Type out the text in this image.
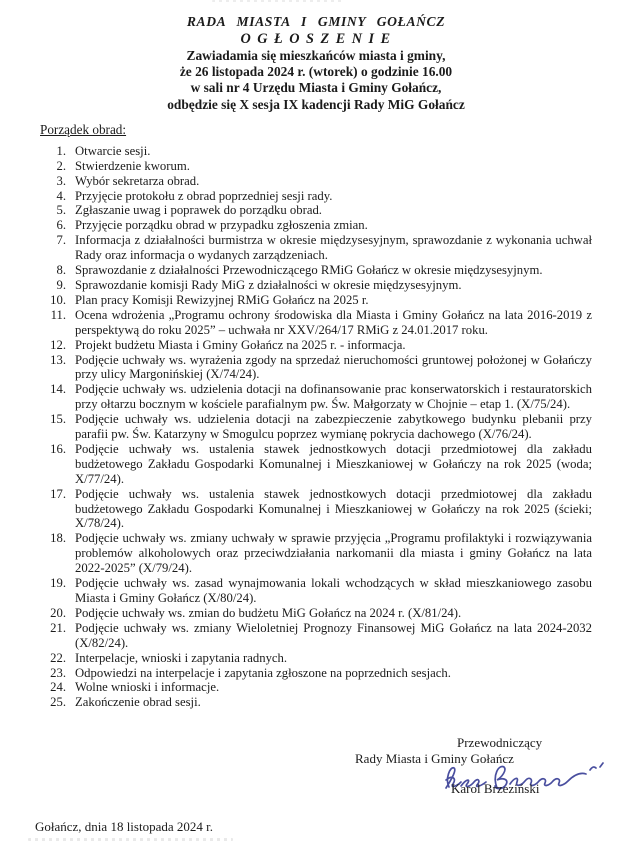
RADA MIASTA I GMINY GOŁAŃCZ
O G Ł O S Z E N I E
Zawiadamia się mieszkańców miasta i gminy,
że 26 listopada 2024 r. (wtorek) o godzinie 16.00
w sali nr 4 Urzędu Miasta i Gminy Gołańcz,
odbędzie się X sesja IX kadencji Rady MiG Gołańcz
Porządek obrad:
1. Otwarcie sesji.
2. Stwierdzenie kworum.
3. Wybór sekretarza obrad.
4. Przyjęcie protokołu z obrad poprzedniej sesji rady.
5. Zgłaszanie uwag i poprawek do porządku obrad.
6. Przyjęcie porządku obrad w przypadku zgłoszenia zmian.
7. Informacja z działalności burmistrza w okresie międzysesyjnym, sprawozdanie z wykonania uchwał Rady oraz informacja o wydanych zarządzeniach.
8. Sprawozdanie z działalności Przewodniczącego RMiG Gołańcz w okresie międzysesyjnym.
9. Sprawozdanie komisji Rady MiG z działalności w okresie międzysesyjnym.
10. Plan pracy Komisji Rewizyjnej RMiG Gołańcz na 2025 r.
11. Ocena wdrożenia „Programu ochrony środowiska dla Miasta i Gminy Gołańcz na lata 2016-2019 z perspektywą do roku 2025” – uchwała nr XXV/264/17 RMiG z 24.01.2017 roku.
12. Projekt budżetu Miasta i Gminy Gołańcz na 2025 r. - informacja.
13. Podjęcie uchwały ws. wyrażenia zgody na sprzedaż nieruchomości gruntowej położonej w Gołańczy przy ulicy Margonińskiej (X/74/24).
14. Podjęcie uchwały ws. udzielenia dotacji na dofinansowanie prac konserwatorskich i restauratorskich przy ołtarzu bocznym w kościele parafialnym pw. Św. Małgorzaty w Chojnie – etap 1. (X/75/24).
15. Podjęcie uchwały ws. udzielenia dotacji na zabezpieczenie zabytkowego budynku plebanii przy parafii pw. Św. Katarzyny w Smogulcu poprzez wymianę pokrycia dachowego (X/76/24).
16. Podjęcie uchwały ws. ustalenia stawek jednostkowych dotacji przedmiotowej dla zakładu budżetowego Zakładu Gospodarki Komunalnej i Mieszkaniowej w Gołańczy na rok 2025 (woda; X/77/24).
17. Podjęcie uchwały ws. ustalenia stawek jednostkowych dotacji przedmiotowej dla zakładu budżetowego Zakładu Gospodarki Komunalnej i Mieszkaniowej w Gołańczy na rok 2025 (ścieki; X/78/24).
18. Podjęcie uchwały ws. zmiany uchwały w sprawie przyjęcia „Programu profilaktyki i rozwiązywania problemów alkoholowych oraz przeciwdziałania narkomanii dla miasta i gminy Gołańcz na lata 2022-2025” (X/79/24).
19. Podjęcie uchwały ws. zasad wynajmowania lokali wchodzących w skład mieszkaniowego zasobu Miasta i Gminy Gołańcz (X/80/24).
20. Podjęcie uchwały ws. zmian do budżetu MiG Gołańcz na 2024 r. (X/81/24).
21. Podjęcie uchwały ws. zmiany Wieloletniej Prognozy Finansowej MiG Gołańcz na lata 2024-2032 (X/82/24).
22. Interpelacje, wnioski i zapytania radnych.
23. Odpowiedzi na interpelacje i zapytania zgłoszone na poprzednich sesjach.
24. Wolne wnioski i informacje.
25. Zakończenie obrad sesji.
Przewodniczący
Rady Miasta i Gminy Gołańcz
Karol Brzeziński
Gołańcz, dnia 18 listopada 2024 r.
